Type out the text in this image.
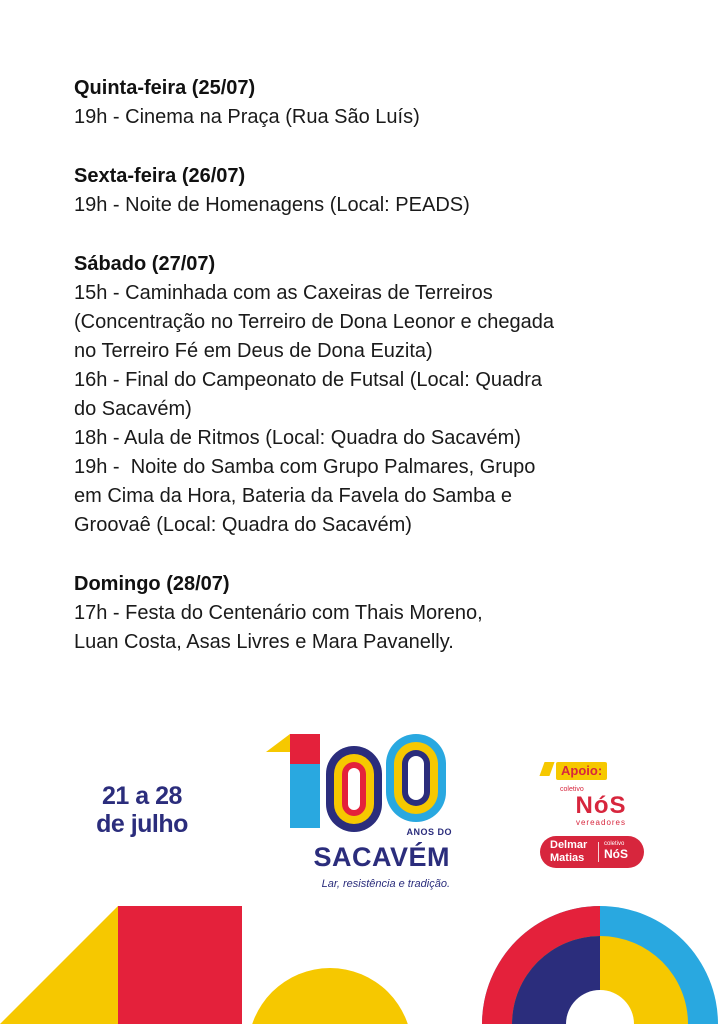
Quinta-feira (25/07)
19h - Cinema na Praça (Rua São Luís)
Sexta-feira (26/07)
19h - Noite de Homenagens (Local: PEADS)
Sábado (27/07)
15h - Caminhada com as Caxeiras de Terreiros
(Concentração no Terreiro de Dona Leonor e chegada
no Terreiro Fé em Deus de Dona Euzita)
16h - Final do Campeonato de Futsal (Local: Quadra
do Sacavém)
18h - Aula de Ritmos (Local: Quadra do Sacavém)
19h -  Noite do Samba com Grupo Palmares, Grupo
em Cima da Hora, Bateria da Favela do Samba e
Groovaê (Local: Quadra do Sacavém)
Domingo (28/07)
17h - Festa do Centenário com Thais Moreno,
Luan Costa, Asas Livres e Mara Pavanelly.
21 a 28
de julho	ANOS DO
SACAVÉM
Lar, resistência e tradição.
Apoio:
coletivo
NóS
vereadores
Delmar Matias
coletivo
NóS
